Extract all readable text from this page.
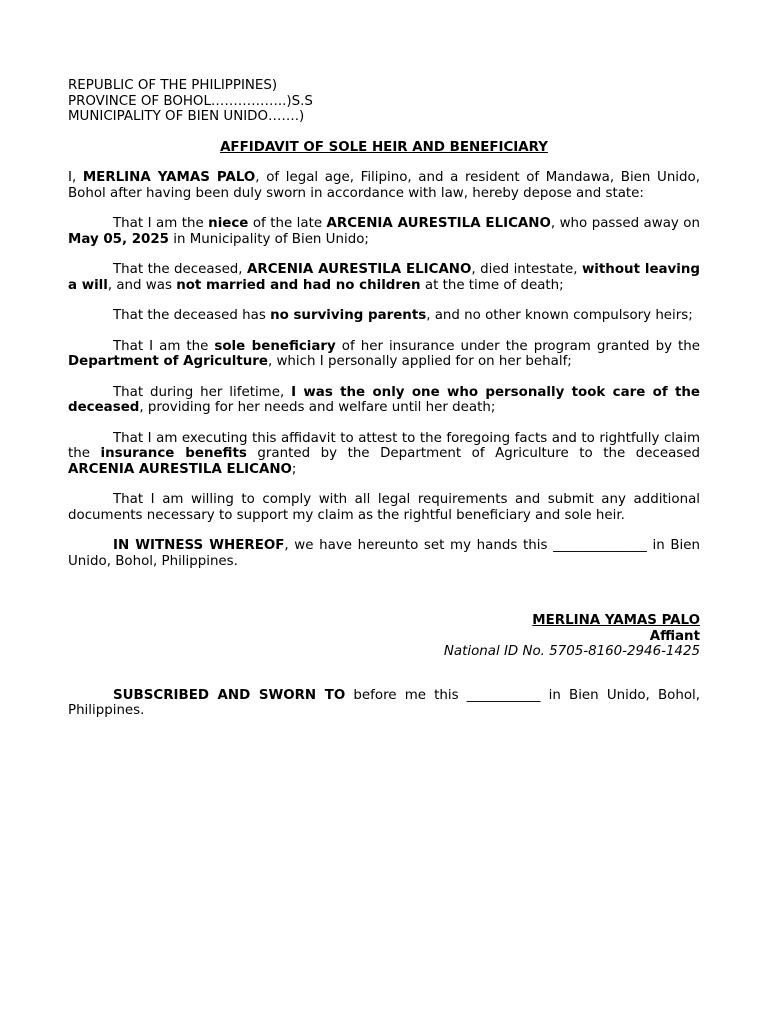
REPUBLIC OF THE PHILIPPINES)

PROVINCE OF BOHOL……………..)S.S

MUNICIPALITY OF BIEN UNIDO…….)

AFFIDAVIT OF SOLE HEIR AND BENEFICIARY

I, MERLINA YAMAS PALO, of legal age, Filipino, and a resident of Mandawa, Bien Unido, Bohol after having been duly sworn in accordance with law, hereby depose and state:

That I am the niece of the late ARCENIA AURESTILA ELICANO, who passed away on May 05, 2025 in Municipality of Bien Unido;

That the deceased, ARCENIA AURESTILA ELICANO, died intestate, without leaving a will, and was not married and had no children at the time of death;

That the deceased has no surviving parents, and no other known compulsory heirs;

That I am the sole beneficiary of her insurance under the program granted by the Department of Agriculture, which I personally applied for on her behalf;

That during her lifetime, I was the only one who personally took care of the deceased, providing for her needs and welfare until her death;

That I am executing this affidavit to attest to the foregoing facts and to rightfully claim the insurance benefits granted by the Department of Agriculture to the deceased ARCENIA AURESTILA ELICANO;

That I am willing to comply with all legal requirements and submit any additional documents necessary to support my claim as the rightful beneficiary and sole heir.

IN WITNESS WHEREOF, we have hereunto set my hands this ______________ in Bien Unido, Bohol, Philippines.

MERLINA YAMAS PALO
Affiant
National ID No. 5705-8160-2946-1425

SUBSCRIBED AND SWORN TO before me this ___________ in Bien Unido, Bohol, Philippines.
